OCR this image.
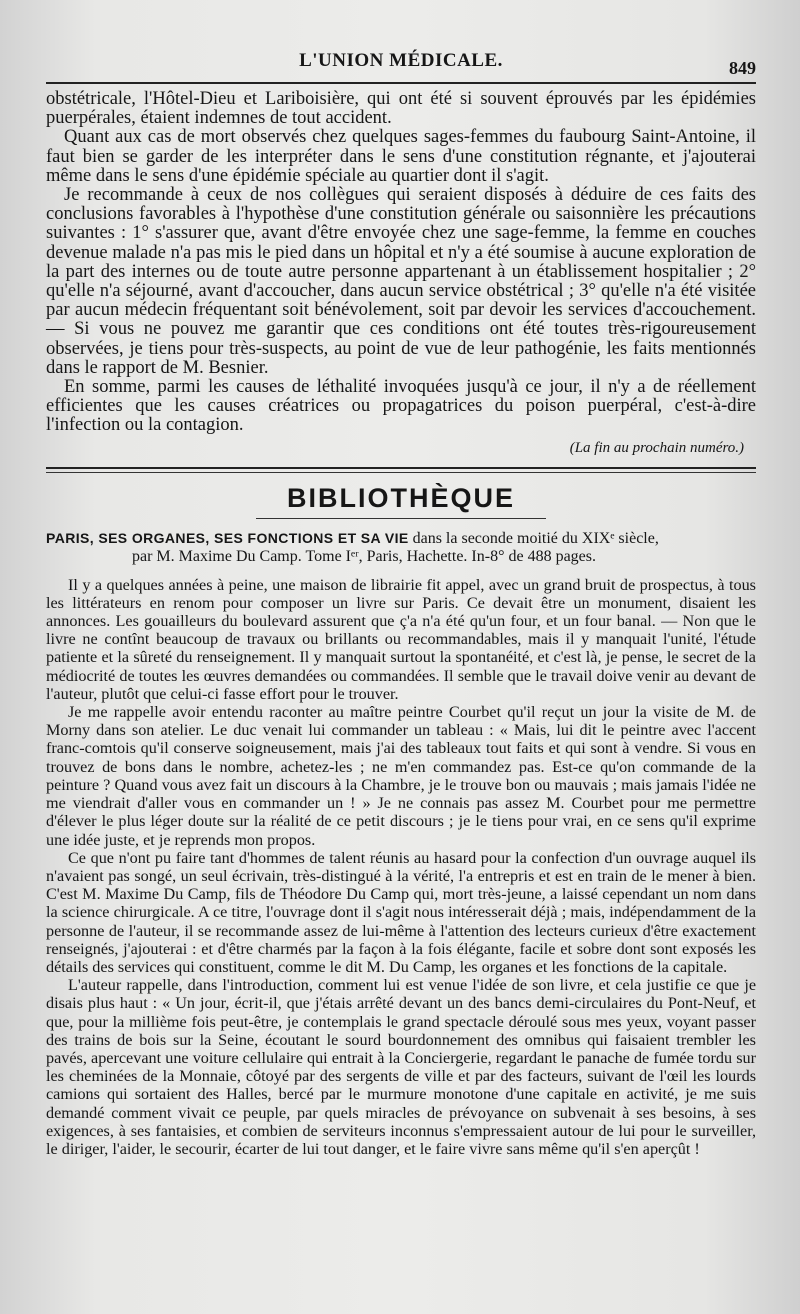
L'UNION MÉDICALE.	849

obstétricale, l'Hôtel-Dieu et Lariboisière, qui ont été si souvent éprouvés par les épidémies puerpérales, étaient indemnes de tout accident.

Quant aux cas de mort observés chez quelques sages-femmes du faubourg Saint-Antoine, il faut bien se garder de les interpréter dans le sens d'une constitution régnante, et j'ajouterai même dans le sens d'une épidémie spéciale au quartier dont il s'agit.

Je recommande à ceux de nos collègues qui seraient disposés à déduire de ces faits des conclusions favorables à l'hypothèse d'une constitution générale ou saisonnière les précautions suivantes : 1° s'assurer que, avant d'être envoyée chez une sage-femme, la femme en couches devenue malade n'a pas mis le pied dans un hôpital et n'y a été soumise à aucune exploration de la part des internes ou de toute autre personne appartenant à un établissement hospitalier ; 2° qu'elle n'a séjourné, avant d'accoucher, dans aucun service obstétrical ; 3° qu'elle n'a été visitée par aucun médecin fréquentant soit bénévolement, soit par devoir les services d'accouchement. — Si vous ne pouvez me garantir que ces conditions ont été toutes très-rigoureusement observées, je tiens pour très-suspects, au point de vue de leur pathogénie, les faits mentionnés dans le rapport de M. Besnier.

En somme, parmi les causes de léthalité invoquées jusqu'à ce jour, il n'y a de réellement efficientes que les causes créatrices ou propagatrices du poison puerpéral, c'est-à-dire l'infection ou la contagion.

(La fin au prochain numéro.)
BIBLIOTHÈQUE
PARIS, SES ORGANES, SES FONCTIONS ET SA VIE dans la seconde moitié du XIXᵉ siècle,
par M. Maxime Du Camp. Tome Iᵉʳ, Paris, Hachette. In-8° de 488 pages.

Il y a quelques années à peine, une maison de librairie fit appel, avec un grand bruit de prospectus, à tous les littérateurs en renom pour composer un livre sur Paris. Ce devait être un monument, disaient les annonces. Les gouailleurs du boulevard assurent que ç'a n'a été qu'un four, et un four banal. — Non que le livre ne contînt beaucoup de travaux ou brillants ou recommandables, mais il y manquait l'unité, l'étude patiente et la sûreté du renseignement. Il y manquait surtout la spontanéité, et c'est là, je pense, le secret de la médiocrité de toutes les œuvres demandées ou commandées. Il semble que le travail doive venir au devant de l'auteur, plutôt que celui-ci fasse effort pour le trouver.

Je me rappelle avoir entendu raconter au maître peintre Courbet qu'il reçut un jour la visite de M. de Morny dans son atelier. Le duc venait lui commander un tableau : « Mais, lui dit le peintre avec l'accent franc-comtois qu'il conserve soigneusement, mais j'ai des tableaux tout faits et qui sont à vendre. Si vous en trouvez de bons dans le nombre, achetez-les ; ne m'en commandez pas. Est-ce qu'on commande de la peinture ? Quand vous avez fait un discours à la Chambre, je le trouve bon ou mauvais ; mais jamais l'idée ne me viendrait d'aller vous en commander un ! » Je ne connais pas assez M. Courbet pour me permettre d'élever le plus léger doute sur la réalité de ce petit discours ; je le tiens pour vrai, en ce sens qu'il exprime une idée juste, et je reprends mon propos.

Ce que n'ont pu faire tant d'hommes de talent réunis au hasard pour la confection d'un ouvrage auquel ils n'avaient pas songé, un seul écrivain, très-distingué à la vérité, l'a entrepris et est en train de le mener à bien. C'est M. Maxime Du Camp, fils de Théodore Du Camp qui, mort très-jeune, a laissé cependant un nom dans la science chirurgicale. A ce titre, l'ouvrage dont il s'agit nous intéresserait déjà ; mais, indépendamment de la personne de l'auteur, il se recommande assez de lui-même à l'attention des lecteurs curieux d'être exactement renseignés, j'ajouterai : et d'être charmés par la façon à la fois élégante, facile et sobre dont sont exposés les détails des services qui constituent, comme le dit M. Du Camp, les organes et les fonctions de la capitale.

L'auteur rappelle, dans l'introduction, comment lui est venue l'idée de son livre, et cela justifie ce que je disais plus haut : « Un jour, écrit-il, que j'étais arrêté devant un des bancs demi-circulaires du Pont-Neuf, et que, pour la millième fois peut-être, je contemplais le grand spectacle déroulé sous mes yeux, voyant passer des trains de bois sur la Seine, écoutant le sourd bourdonnement des omnibus qui faisaient trembler les pavés, apercevant une voiture cellulaire qui entrait à la Conciergerie, regardant le panache de fumée tordu sur les cheminées de la Monnaie, côtoyé par des sergents de ville et par des facteurs, suivant de l'œil les lourds camions qui sortaient des Halles, bercé par le murmure monotone d'une capitale en activité, je me suis demandé comment vivait ce peuple, par quels miracles de prévoyance on subvenait à ses besoins, à ses exigences, à ses fantaisies, et combien de serviteurs inconnus s'empressaient autour de lui pour le surveiller, le diriger, l'aider, le secourir, écarter de lui tout danger, et le faire vivre sans même qu'il s'en aperçût !
